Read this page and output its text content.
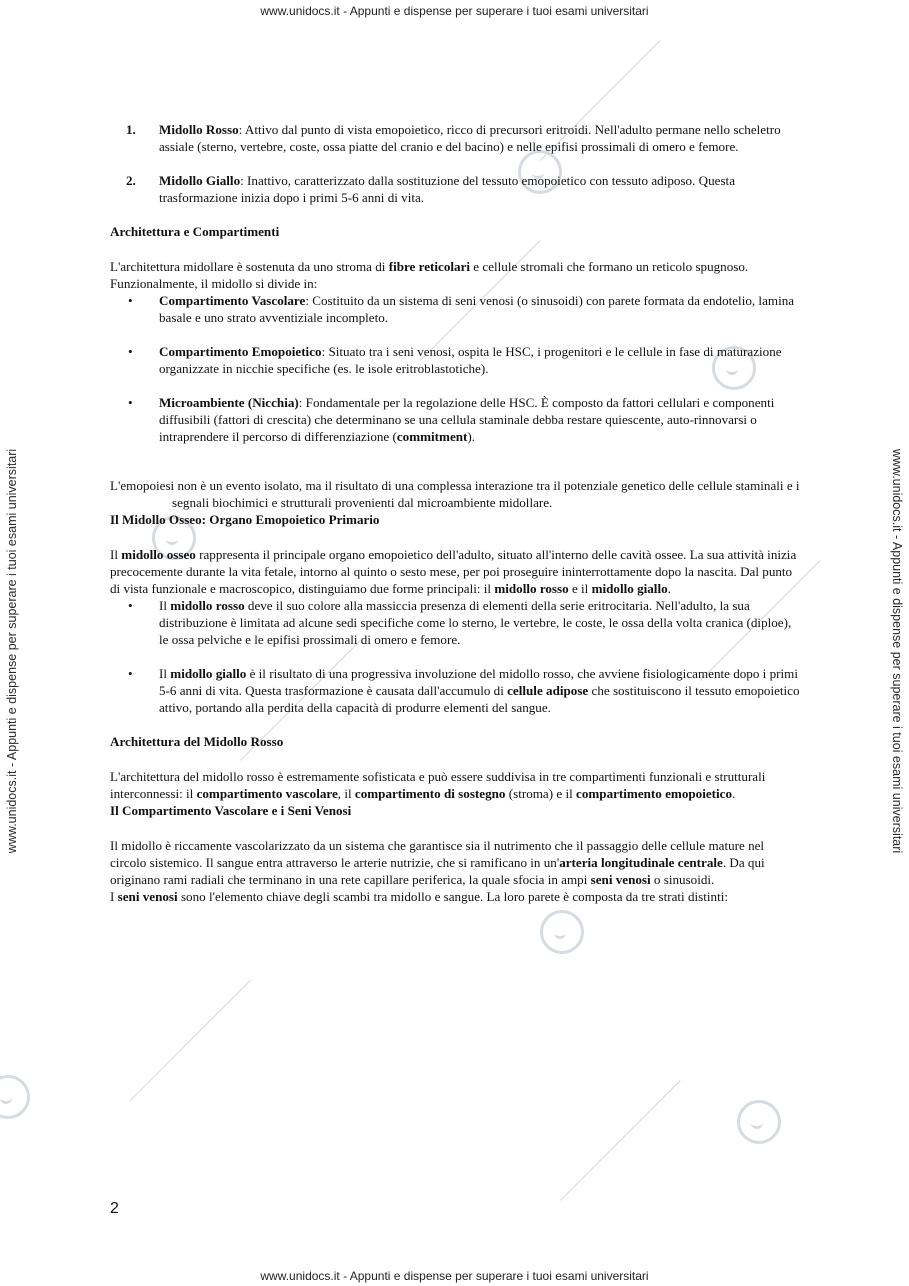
www.unidocs.it - Appunti e dispense per superare i tuoi esami universitari
www.unidocs.it - Appunti e dispense per superare i tuoi esami universitari
www.unidocs.it - Appunti e dispense per superare i tuoi esami universitari	www.unidocs.it - Appunti e dispense per superare i tuoi esami universitari
1. Midollo Rosso: Attivo dal punto di vista emopoietico, ricco di precursori eritroidi. Nell'adulto permane nello scheletro assiale (sterno, vertebre, coste, ossa piatte del cranio e del bacino) e nelle epifisi prossimali di omero e femore.

2. Midollo Giallo: Inattivo, caratterizzato dalla sostituzione del tessuto emopoietico con tessuto adiposo. Questa trasformazione inizia dopo i primi 5-6 anni di vita.

Architettura e Compartimenti

L'architettura midollare è sostenuta da uno stroma di fibre reticolari e cellule stromali che formano un reticolo spugnoso. Funzionalmente, il midollo si divide in:

• Compartimento Vascolare: Costituito da un sistema di seni venosi (o sinusoidi) con parete formata da endotelio, lamina basale e uno strato avventiziale incompleto.

• Compartimento Emopoietico: Situato tra i seni venosi, ospita le HSC, i progenitori e le cellule in fase di maturazione organizzate in nicchie specifiche (es. le isole eritroblastotiche).

• Microambiente (Nicchia): Fondamentale per la regolazione delle HSC. È composto da fattori cellulari e componenti diffusibili (fattori di crescita) che determinano se una cellula staminale debba restare quiescente, auto-rinnovarsi o intraprendere il percorso di differenziazione (commitment).

L'emopoiesi non è un evento isolato, ma il risultato di una complessa interazione tra il potenziale genetico delle cellule staminali e i segnali biochimici e strutturali provenienti dal microambiente midollare.

Il Midollo Osseo: Organo Emopoietico Primario

Il midollo osseo rappresenta il principale organo emopoietico dell'adulto, situato all'interno delle cavità ossee. La sua attività inizia precocemente durante la vita fetale, intorno al quinto o sesto mese, per poi proseguire ininterrottamente dopo la nascita. Dal punto di vista funzionale e macroscopico, distinguiamo due forme principali: il midollo rosso e il midollo giallo.

• Il midollo rosso deve il suo colore alla massiccia presenza di elementi della serie eritrocitaria. Nell'adulto, la sua distribuzione è limitata ad alcune sedi specifiche come lo sterno, le vertebre, le coste, le ossa della volta cranica (diploe), le ossa pelviche e le epifisi prossimali di omero e femore.

• Il midollo giallo è il risultato di una progressiva involuzione del midollo rosso, che avviene fisiologicamente dopo i primi 5-6 anni di vita. Questa trasformazione è causata dall'accumulo di cellule adipose che sostituiscono il tessuto emopoietico attivo, portando alla perdita della capacità di produrre elementi del sangue.

Architettura del Midollo Rosso

L'architettura del midollo rosso è estremamente sofisticata e può essere suddivisa in tre compartimenti funzionali e strutturali interconnessi: il compartimento vascolare, il compartimento di sostegno (stroma) e il compartimento emopoietico.

Il Compartimento Vascolare e i Seni Venosi

Il midollo è riccamente vascolarizzato da un sistema che garantisce sia il nutrimento che il passaggio delle cellule mature nel circolo sistemico. Il sangue entra attraverso le arterie nutrizie, che si ramificano in un'arteria longitudinale centrale. Da qui originano rami radiali che terminano in una rete capillare periferica, la quale sfocia in ampi seni venosi o sinusoidi.

I seni venosi sono l'elemento chiave degli scambi tra midollo e sangue. La loro parete è composta da tre strati distinti:

2
